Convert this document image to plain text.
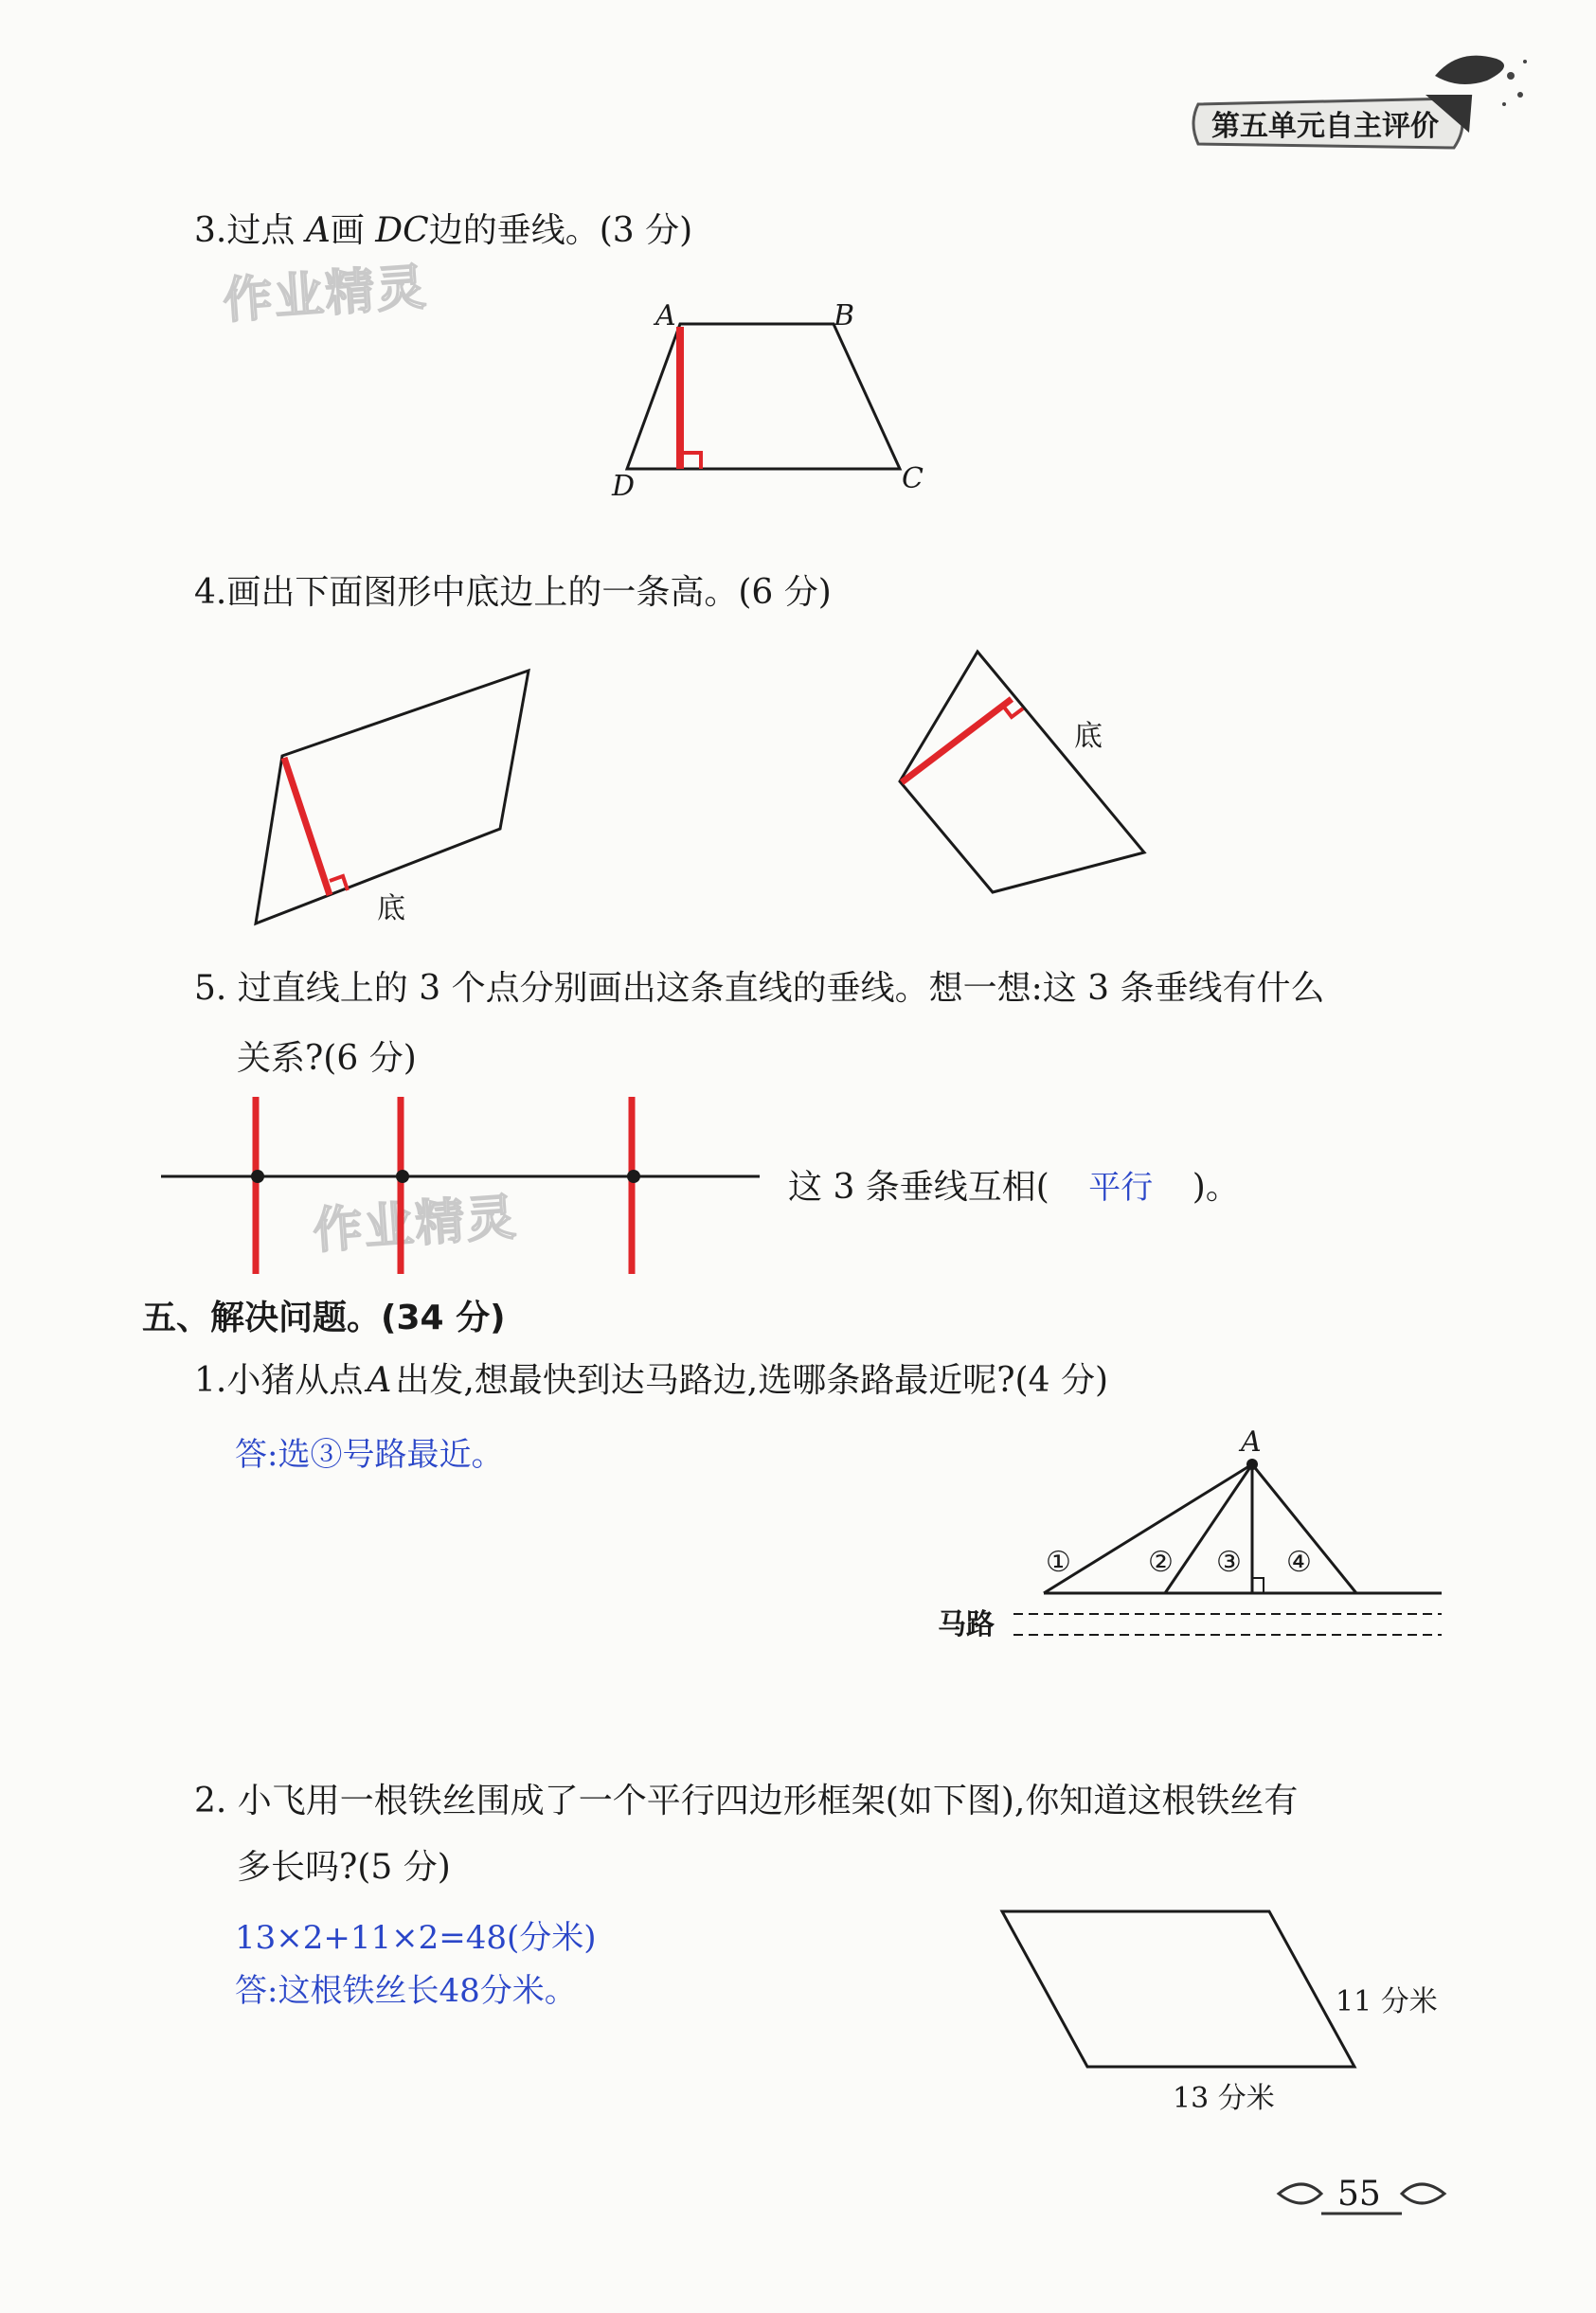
第五单元自主评价
作业精灵
作业精灵
3.过点 A画 DC边的垂线。(3 分)
A	B
C
D
4.画出下面图形中底边上的一条高。(6 分)
底
底
5. 过直线上的 3 个点分别画出这条直线的垂线。想一想:这 3 条垂线有什么
关系?(6 分)
这 3 条垂线互相( 平行 )。
五、解决问题。(34 分)
1.小猪从点 A 出发,想最快到达马路边,选哪条路最近呢?(4 分)
答:选③号路最近。	A
①	② ③ ④
马路
2. 小飞用一根铁丝围成了一个平行四边形框架(如下图),你知道这根铁丝有
多长吗?(5 分)
13×2+11×2=48(分米)
答:这根铁丝长48分米。	11 分米
13 分米
55
